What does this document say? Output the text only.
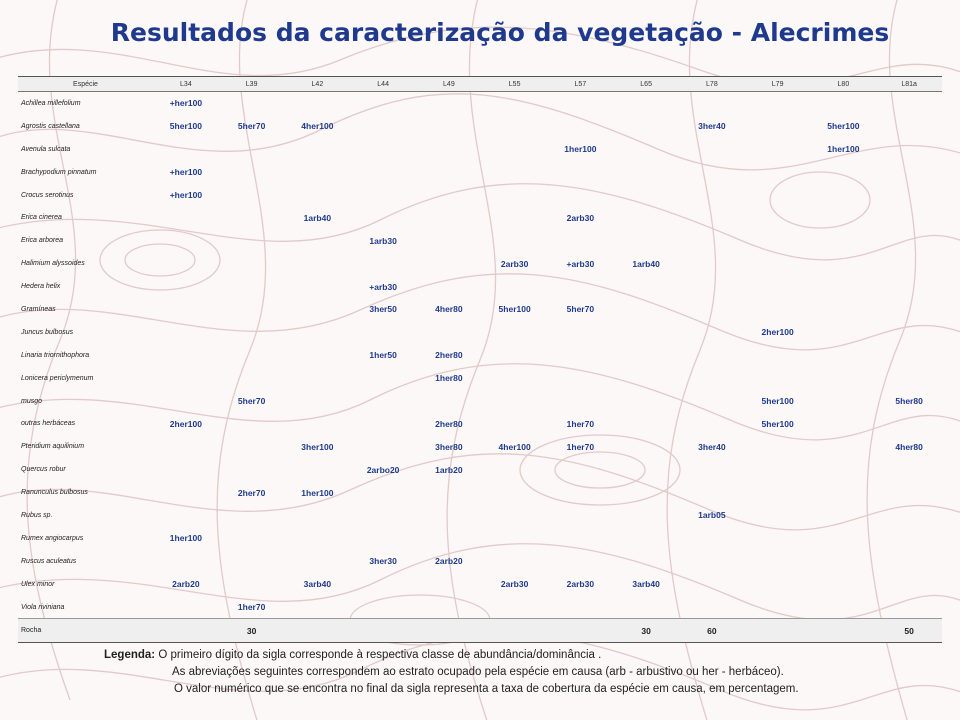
Resultados da caracterização da vegetação - Alecrimes
Espécie	L34	L39	L42	L44	L49	L55	L57	L65	L78	L79	L80	L81a
Achillea millefolium	+her100											
Agrostis castellana	5her100	5her70	4her100						3her40		5her100	
Avenula sulcata							1her100				1her100	
Brachypodium pinnatum	+her100											
Crocus serotinus	+her100											
Erica cinerea			1arb40				2arb30					
Erica arborea				1arb30								
Halimium alyssoides						2arb30	+arb30	1arb40				
Hedera helix				+arb30								
Gramíneas				3her50	4her80	5her100	5her70					
Juncus bulbosus										2her100		
Linaria triornithophora				1her50	2her80							
Lonicera periclymenum					1her80							
musgo		5her70								5her100		5her80
outras herbáceas	2her100				2her80		1her70			5her100		
Pteridium aquilinium			3her100		3her80	4her100	1her70		3her40			4her80
Quercus robur				2arbo20	1arb20							
Ranunculus bulbosus		2her70	1her100									
Rubus sp.									1arb05			
Rumex angiocarpus	1her100											
Ruscus aculeatus				3her30	2arb20							
Ulex minor	2arb20		3arb40			2arb30	2arb30	3arb40				
Viola riviniana		1her70										
Rocha		30						30	60			50
Legenda: O primeiro dígito da sigla corresponde à respectiva classe de abundância/dominância .
As abreviações seguintes correspondem ao estrato ocupado pela espécie em causa (arb - arbustivo ou her - herbáceo).
O valor numérico que se encontra no final da sigla representa a taxa de cobertura da espécie em causa, em percentagem.
